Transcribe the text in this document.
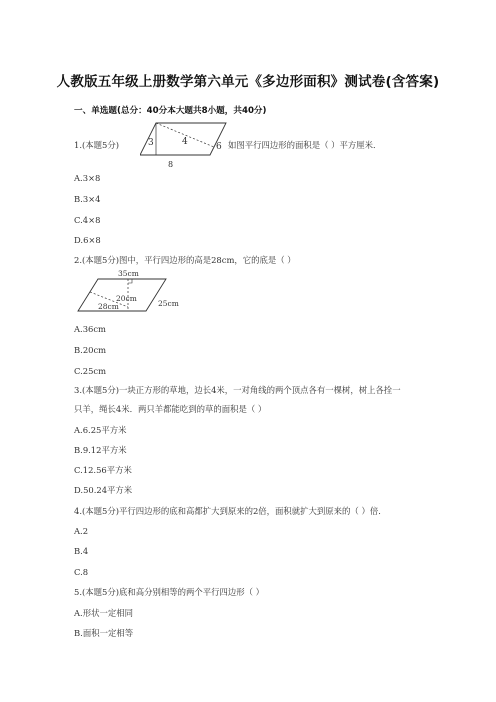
人教版五年级上册数学第六单元《多边形面积》测试卷(含答案)
一、单选题(总分：40分本大题共8小题，共40分)
1.(本题5分)	3	4	6
8
如图平行四边形的面积是（ ）平方厘米．
A.3×8
B.3×4
C.4×8
D.6×8
2.(本题5分)图中，平行四边形的高是28cm，它的底是（ ）
35cm
20cm
28cm	25cm
A.36cm
B.20cm
C.25cm
3.(本题5分)一块正方形的草地，边长4米，一对角线的两个顶点各有一棵树，树上各拴一
只羊，绳长4米．两只羊都能吃到的草的面积是（ ）
A.6.25平方米
B.9.12平方米
C.12.56平方米
D.50.24平方米
4.(本题5分)平行四边形的底和高都扩大到原来的2倍，面积就扩大到原来的（ ）倍．
A.2
B.4
C.8
5.(本题5分)底和高分别相等的两个平行四边形（ ）
A.形状一定相同
B.面积一定相等
